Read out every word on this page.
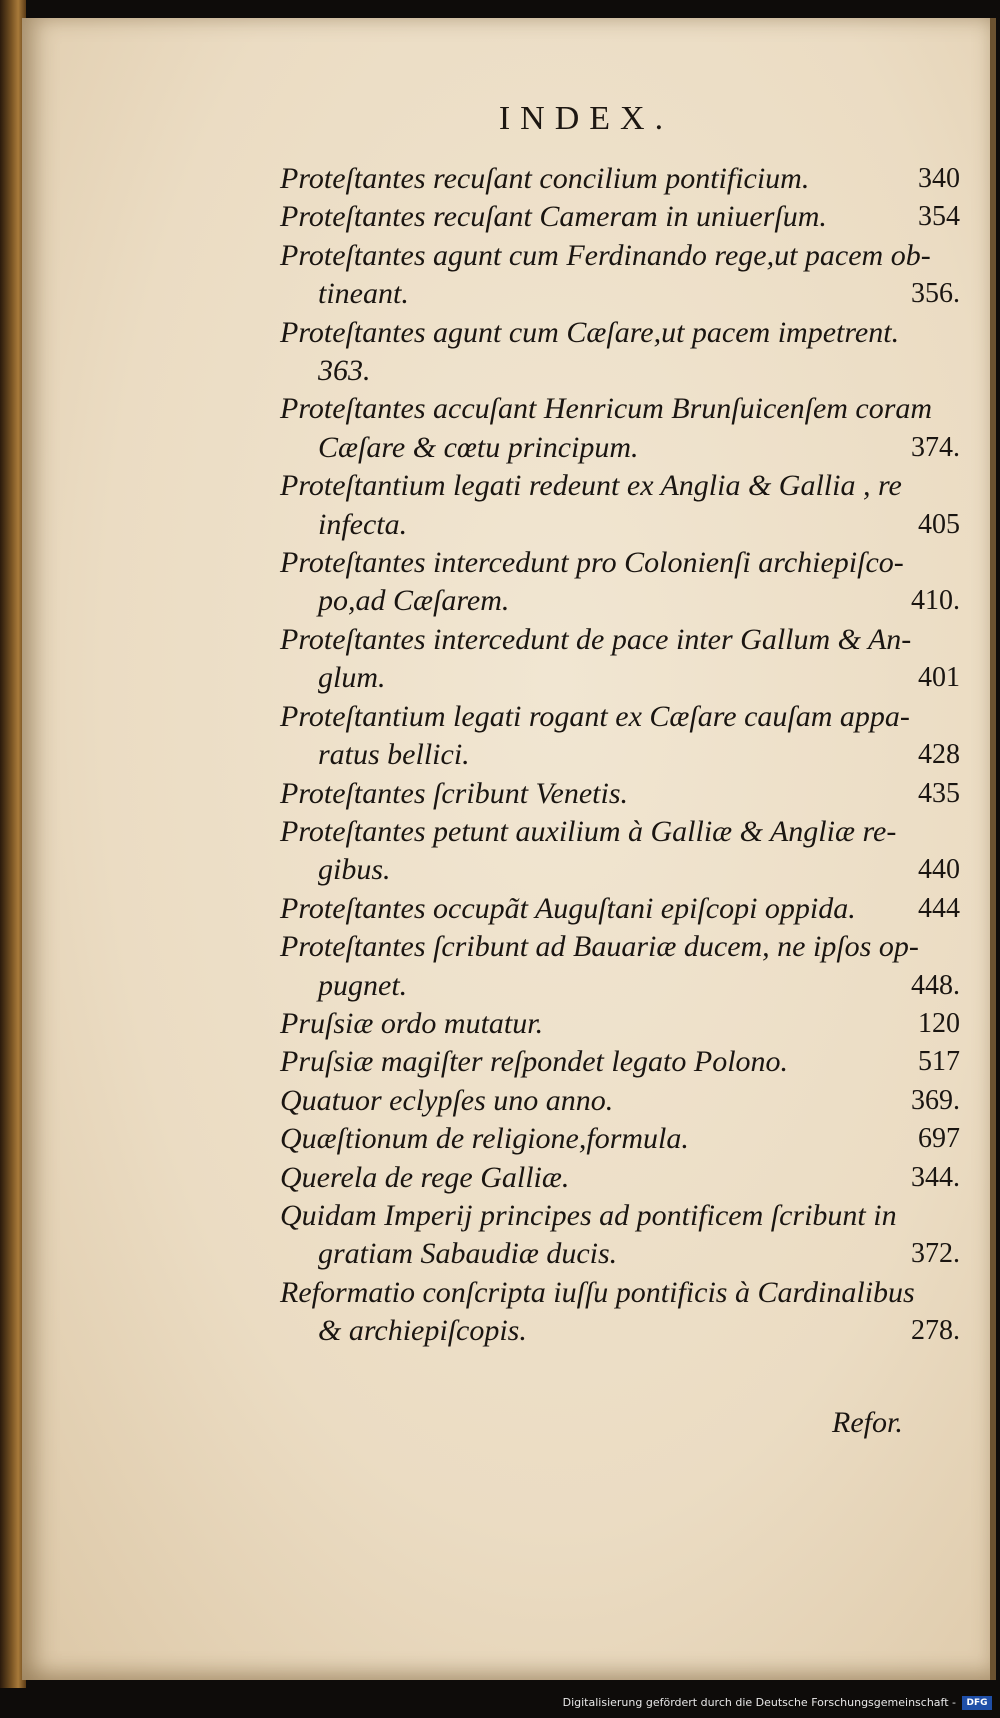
INDEX.
Proteſtantes recuſant concilium pontificium.	340
Proteſtantes recuſant Cameram in uniuerſum.	354
Proteſtantes agunt cum Ferdinando rege,ut pacem ob-
tineant.	356.
Proteſtantes agunt cum Cæſare,ut pacem impetrent.
363.
Proteſtantes accuſant Henricum Brunſuicenſem coram
Cæſare & cœtu principum.	374.
Proteſtantium legati redeunt ex Anglia & Gallia , re
infecta.	405
Proteſtantes intercedunt pro Colonienſi archiepiſco-
po,ad Cæſarem.	410.
Proteſtantes intercedunt de pace inter Gallum & An-
glum.	401
Proteſtantium legati rogant ex Cæſare cauſam appa-
ratus bellici.	428
Proteſtantes ſcribunt Venetis.	435
Proteſtantes petunt auxilium à Galliæ & Angliæ re-
gibus.	440
Proteſtantes occupãt Auguſtani epiſcopi oppida. 444
Proteſtantes ſcribunt ad Bauariæ ducem, ne ipſos op-
pugnet.	448.
Pruſsiæ ordo mutatur.	120
Pruſsiæ magiſter reſpondet legato Polono.	517
Quatuor eclypſes uno anno.	369.
Quæſtionum de religione,formula.	697
Querela de rege Galliæ.	344.
Quidam Imperij principes ad pontificem ſcribunt in
gratiam Sabaudiæ ducis.	372.
Reformatio conſcripta iuſſu pontificis à Cardinalibus
& archiepiſcopis.	278.
Refor.
Digitalisierung gefördert durch die Deutsche Forschungsgemeinschaft -	DFG
